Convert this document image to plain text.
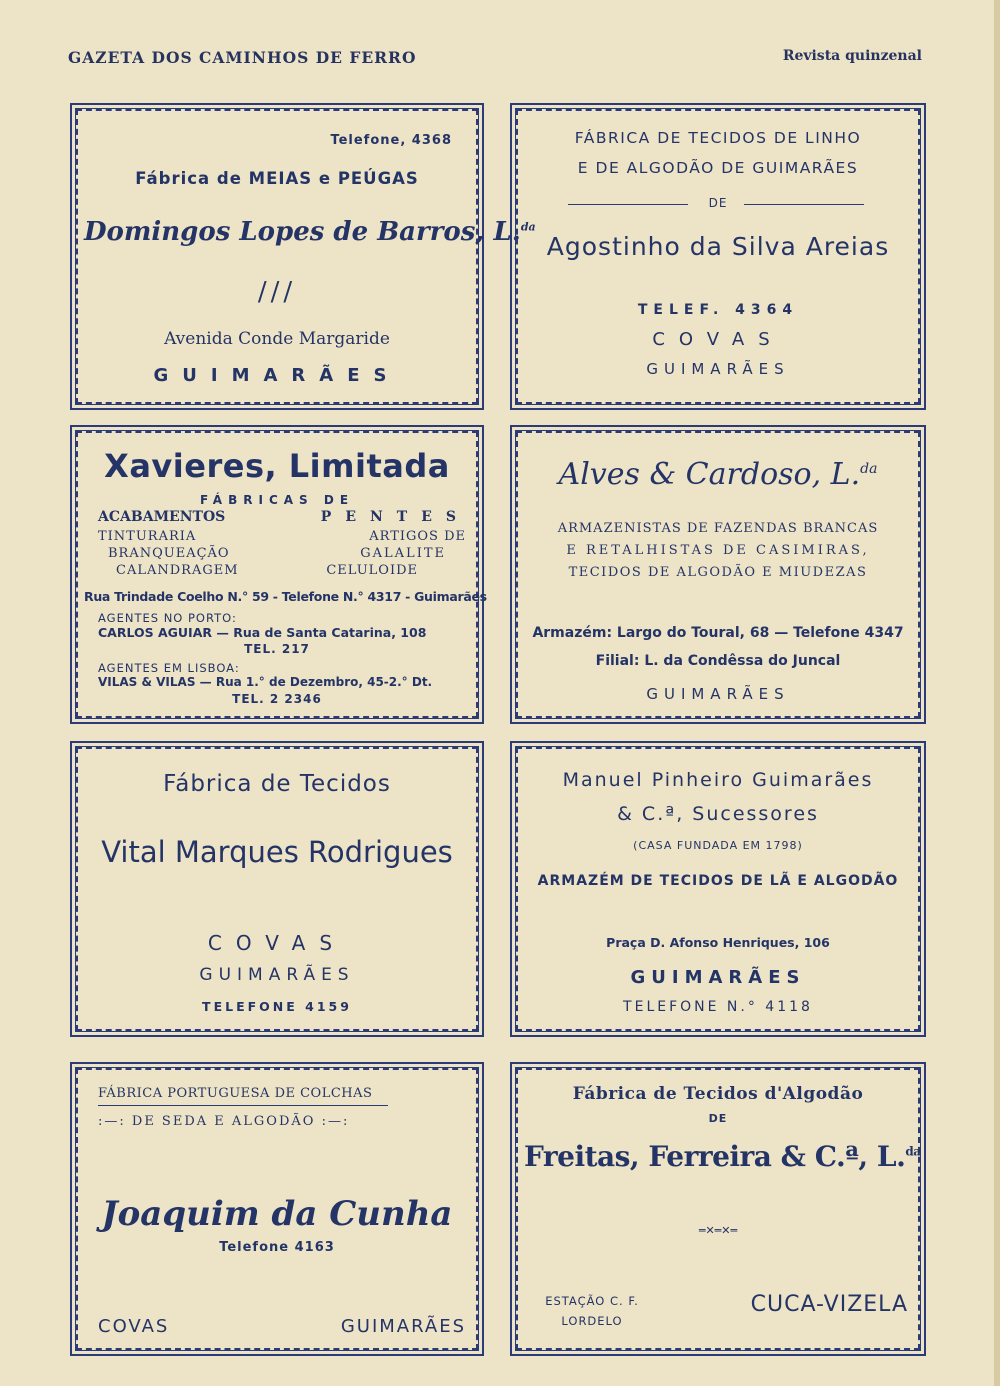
GAZETA DOS CAMINHOS DE FERRO	Revista quinzenal
Telefone, 4368
Fábrica de MEIAS e PEÚGAS
Domingos Lopes de Barros, L.$^{da}$
///
Avenida Conde Margaride
GUIMARÃES
FÁBRICA DE TECIDOS DE LINHO
E DE ALGODÃO DE GUIMARÃES
DE
Agostinho da Silva Areias
TELEF. 4364
COVAS
GUIMARÃES
Xavieres, Limitada
FÁBRICAS DE
ACABAMENTOS	PENTES
TINTURARIA
BRANQUEAÇÃO
CALANDRAGEM
ARTIGOS DE
GALALITE
CELULOIDE
Rua Trindade Coelho N.° 59 - Telefone N.° 4317 - Guimarães
AGENTES NO PORTO:
CARLOS AGUIAR — Rua de Santa Catarina, 108
TEL. 217
AGENTES EM LISBOA:
VILAS & VILAS — Rua 1.° de Dezembro, 45-2.° Dt.
TEL. 2 2346
Alves & Cardoso, L.$^{da}$
ARMAZENISTAS DE FAZENDAS BRANCAS
E RETALHISTAS DE CASIMIRAS,
TECIDOS DE ALGODÃO E MIUDEZAS
Armazém: Largo do Toural, 68 — Telefone 4347
Filial: L. da Condêssa do Juncal
GUIMARÃES
Fábrica de Tecidos
Vital Marques Rodrigues
COVAS
GUIMARÃES
TELEFONE 4159
Manuel Pinheiro Guimarães
& C.ª, Sucessores
(CASA FUNDADA EM 1798)
ARMAZÉM DE TECIDOS DE LÃ E ALGODÃO
Praça D. Afonso Henriques, 106
GUIMARÃES
TELEFONE N.° 4118
FÁBRICA PORTUGUESA DE COLCHAS
:—: DE SEDA E ALGODÃO :—:
Joaquim da Cunha
Telefone 4163
COVAS	GUIMARÃES
Fábrica de Tecidos d'Algodão
DE
Freitas, Ferreira & C.ª, L.$^{da}$
═✕═✕═
ESTAÇÃO C. F.
LORDELO
CUCA-VIZELA
